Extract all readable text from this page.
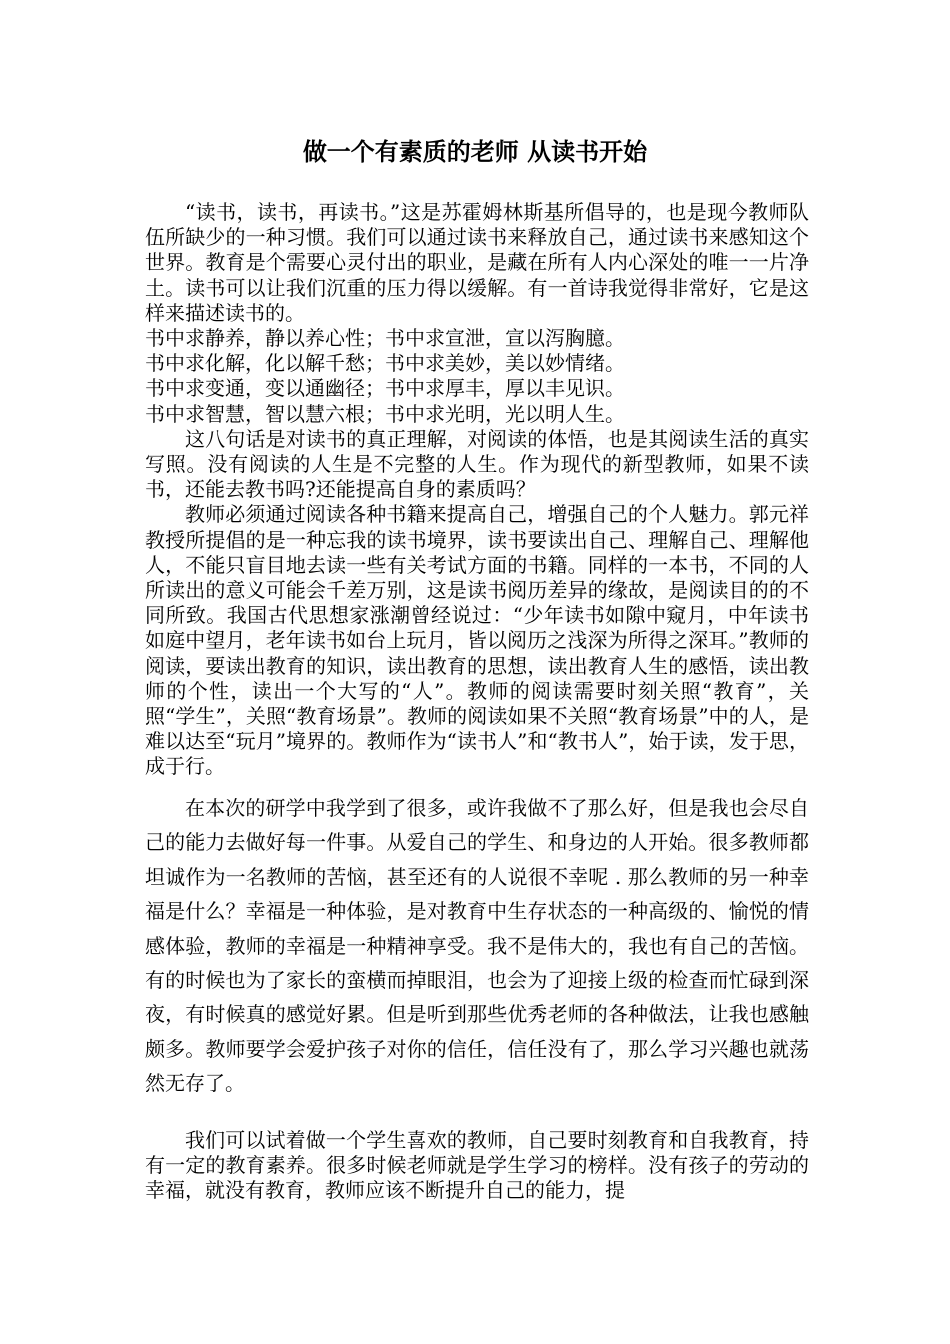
做一个有素质的老师 从读书开始

“读书，读书，再读书。”这是苏霍姆林斯基所倡导的，也是现今教师队伍所缺少的一种习惯。我们可以通过读书来释放自己，通过读书来感知这个世界。教育是个需要心灵付出的职业，是藏在所有人内心深处的唯一一片净土。读书可以让我们沉重的压力得以缓解。有一首诗我觉得非常好，它是这样来描述读书的。

书中求静养，静以养心性；书中求宣泄，宣以泻胸臆。

书中求化解，化以解千愁；书中求美妙，美以妙情绪。

书中求变通，变以通幽径；书中求厚丰，厚以丰见识。

书中求智慧，智以慧六根；书中求光明，光以明人生。

这八句话是对读书的真正理解，对阅读的体悟，也是其阅读生活的真实写照。没有阅读的人生是不完整的人生。作为现代的新型教师，如果不读书，还能去教书吗?还能提高自身的素质吗？

教师必须通过阅读各种书籍来提高自己，增强自己的个人魅力。郭元祥教授所提倡的是一种忘我的读书境界，读书要读出自己、理解自己、理解他人，不能只盲目地去读一些有关考试方面的书籍。同样的一本书，不同的人所读出的意义可能会千差万别，这是读书阅历差异的缘故，是阅读目的的不同所致。我国古代思想家涨潮曾经说过：“少年读书如隙中窥月，中年读书如庭中望月，老年读书如台上玩月，皆以阅历之浅深为所得之深耳。”教师的阅读，要读出教育的知识，读出教育的思想，读出教育人生的感悟，读出教师的个性，读出一个大写的“人”。教师的阅读需要时刻关照“教育”，关照“学生”，关照“教育场景”。教师的阅读如果不关照“教育场景”中的人，是难以达至“玩月”境界的。教师作为“读书人”和“教书人”，始于读，发于思，成于行。

在本次的研学中我学到了很多，或许我做不了那么好，但是我也会尽自己的能力去做好每一件事。从爱自己的学生、和身边的人开始。很多教师都坦诚作为一名教师的苦恼，甚至还有的人说很不幸呢 . 那么教师的另一种幸福是什么？幸福是一种体验，是对教育中生存状态的一种高级的、愉悦的情感体验，教师的幸福是一种精神享受。我不是伟大的，我也有自己的苦恼。有的时候也为了家长的蛮横而掉眼泪，也会为了迎接上级的检查而忙碌到深夜，有时候真的感觉好累。但是听到那些优秀老师的各种做法，让我也感触颇多。教师要学会爱护孩子对你的信任，信任没有了，那么学习兴趣也就荡然无存了。

我们可以试着做一个学生喜欢的教师，自己要时刻教育和自我教育，持有一定的教育素养。很多时候老师就是学生学习的榜样。没有孩子的劳动的幸福，就没有教育，教师应该不断提升自己的能力，提
